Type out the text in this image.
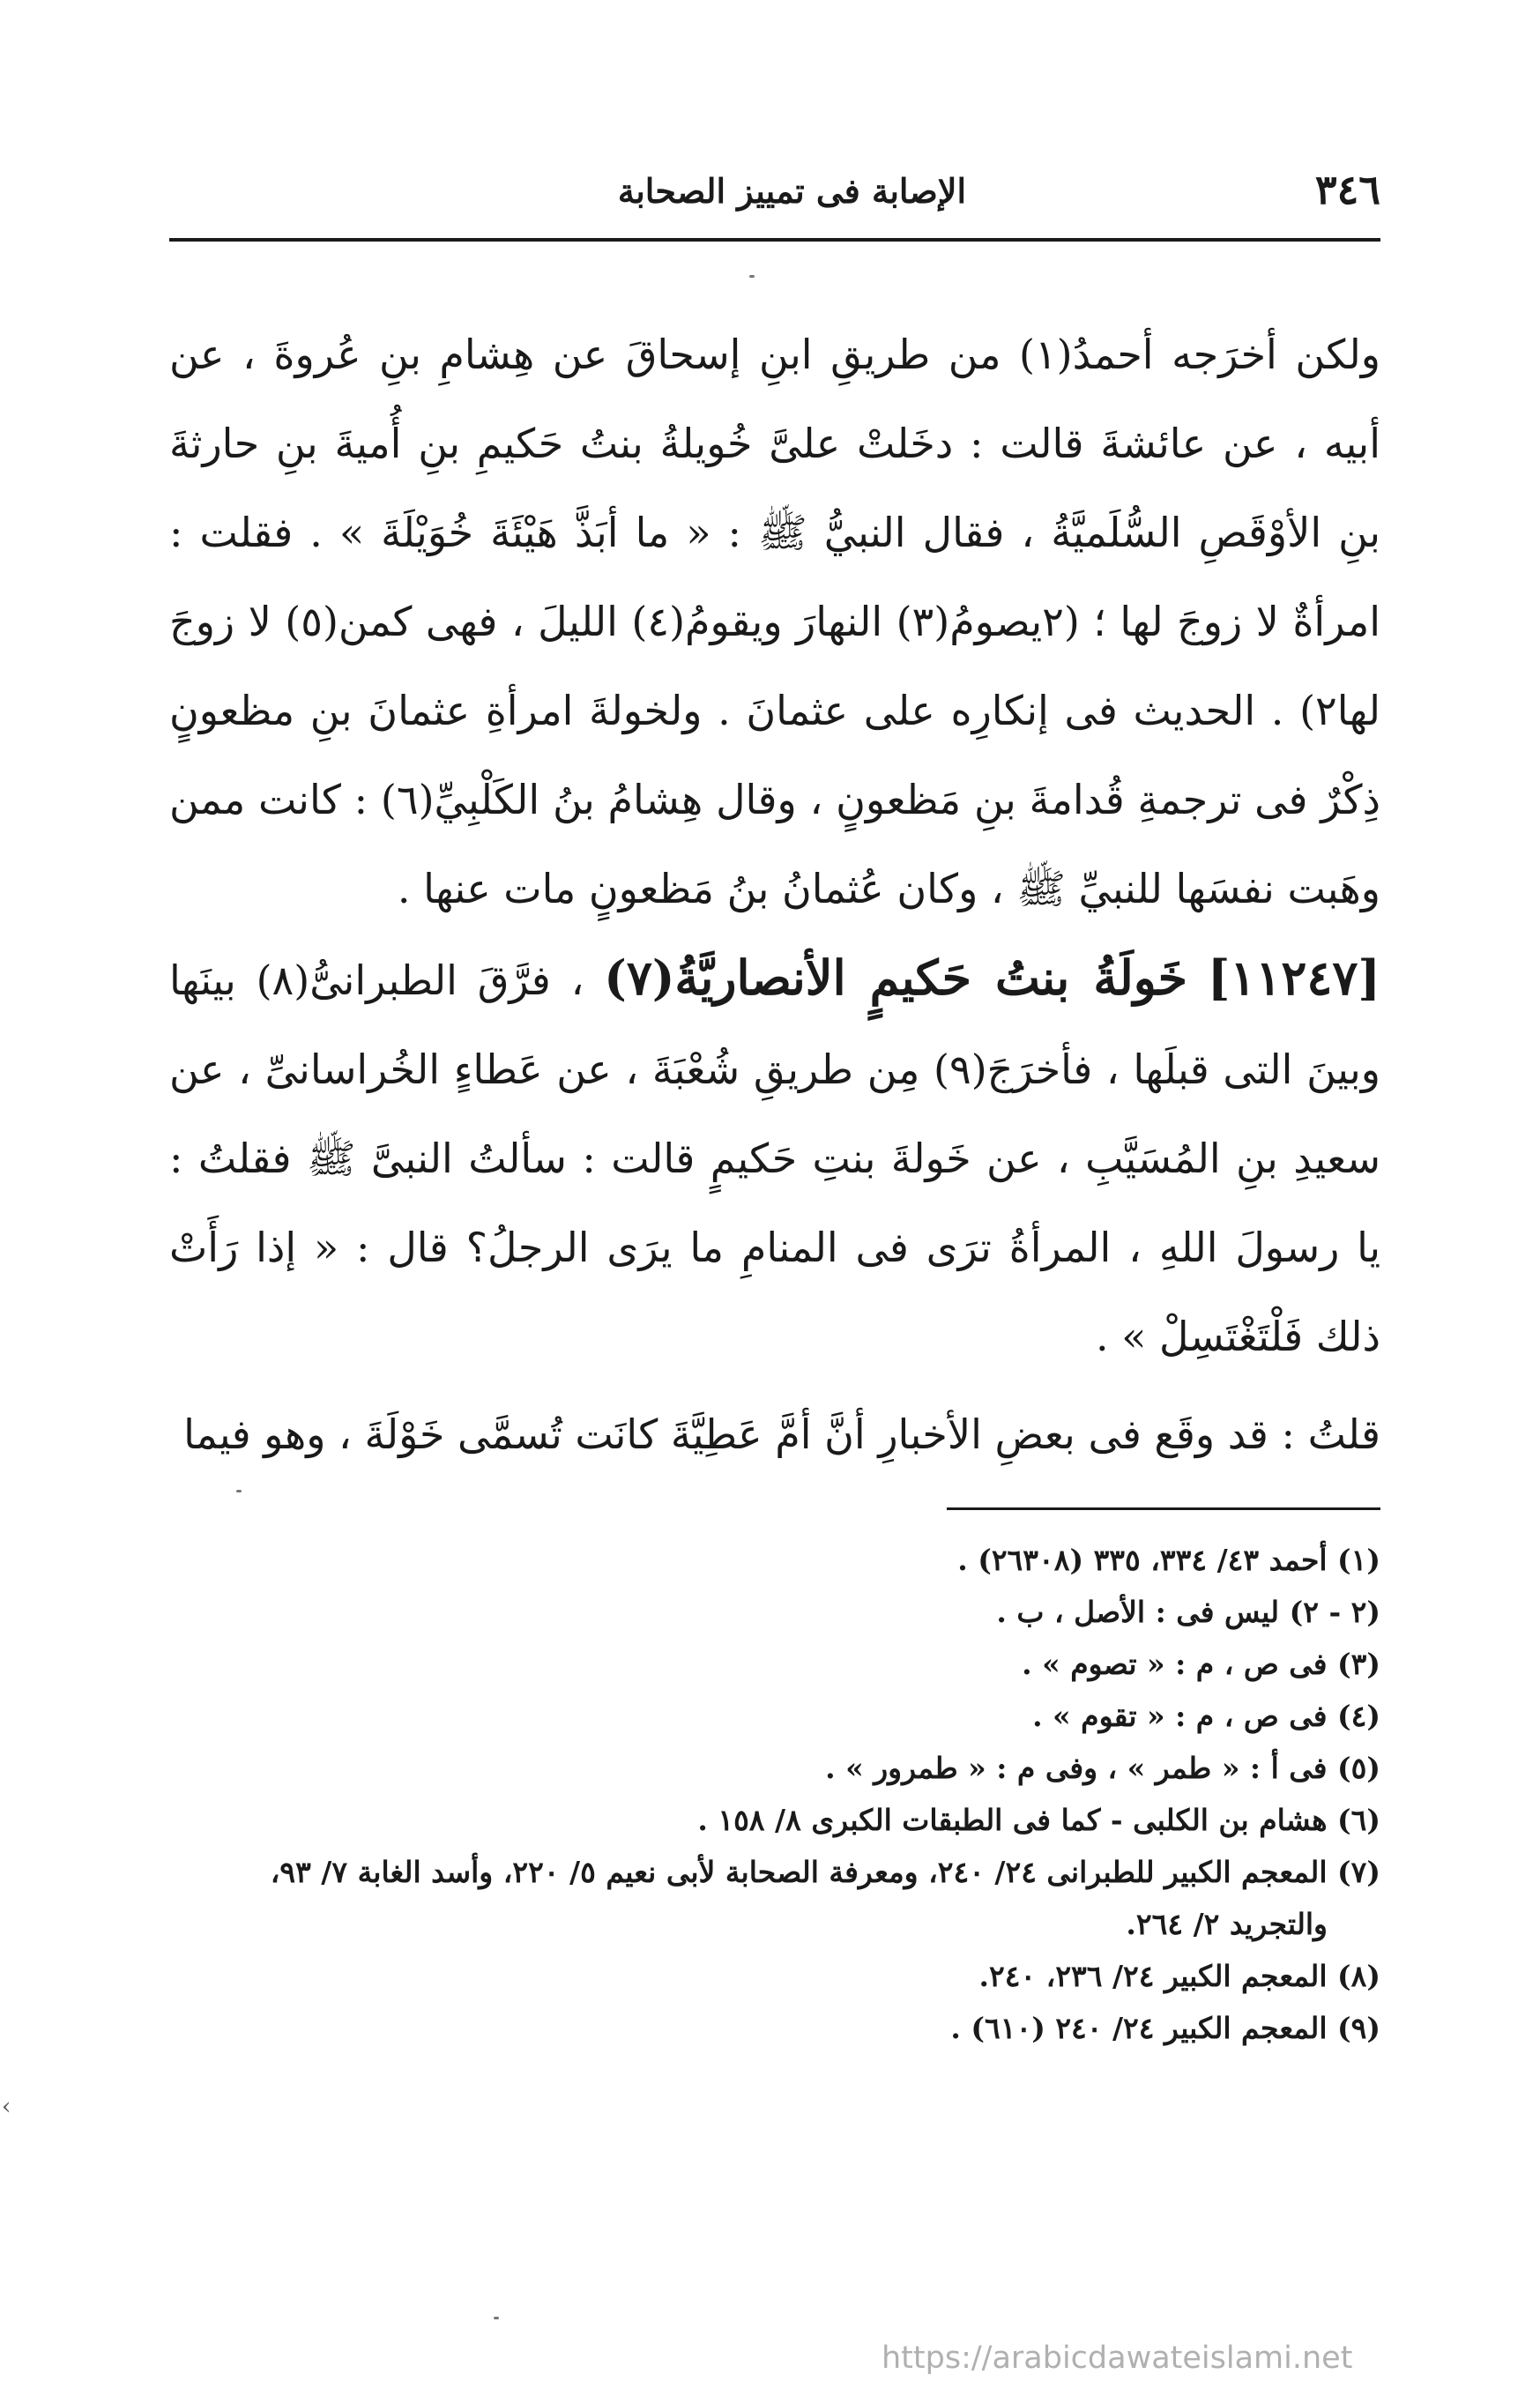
٣٤٦
الإصابة فى تمييز الصحابة

ولكن أخرَجه أحمدُ(١) من طريقِ ابنِ إسحاقَ عن هِشامِ بنِ عُروةَ ، عن أبيه ، عن عائشةَ قالت : دخَلتْ علىَّ خُويلةُ بنتُ حَكيمِ بنِ أُميةَ بنِ حارثةَ بنِ الأوْقَصِ السُّلَميَّةُ ، فقال النبيُّ ﷺ : « ما أبَذَّ هَيْئَةَ خُوَيْلَةَ » . فقلت : امرأةٌ لا زوجَ لها ؛ (٢يصومُ(٣) النهارَ ويقومُ(٤) الليلَ ، فهى كمن(٥) لا زوجَ لها٢) . الحديث فى إنكارِه على عثمانَ . ولخولةَ امرأةِ عثمانَ بنِ مظعونٍ ذِكْرٌ فى ترجمةِ قُدامةَ بنِ مَظعونٍ ، وقال هِشامُ بنُ الكَلْبِيِّ(٦) : كانت ممن وهَبت نفسَها للنبيِّ ﷺ ، وكان عُثمانُ بنُ مَظعونٍ مات عنها .

[١١٢٤٧] خَولَةُ بنتُ حَكيمٍ الأنصاريَّةُ(٧) ، فرَّقَ الطبرانىُّ(٨) بينَها وبينَ التى قبلَها ، فأخرَجَ(٩) مِن طريقِ شُعْبَةَ ، عن عَطاءٍ الخُراسانىِّ ، عن سعيدِ بنِ المُسَيَّبِ ، عن خَولةَ بنتِ حَكيمٍ قالت : سألتُ النبىَّ ﷺ فقلتُ : يا رسولَ اللهِ ، المرأةُ ترَى فى المنامِ ما يرَى الرجلُ؟ قال : « إذا رَأَتْ ذلك فَلْتَغْتَسِلْ » .

قلتُ : قد وقَع فى بعضِ الأخبارِ أنَّ أمَّ عَطِيَّةَ كانَت تُسمَّى خَوْلَةَ ، وهو فيما

(١) أحمد ٤٣/ ٣٣٤، ٣٣٥ (٢٦٣٠٨) .

(٢ - ٢) ليس فى : الأصل ، ب .

(٣) فى ص ، م : « تصوم » .

(٤) فى ص ، م : « تقوم » .

(٥) فى أ : « طمر » ، وفى م : « طمرور » .

(٦) هشام بن الكلبى - كما فى الطبقات الكبرى ٨/ ١٥٨ .

(٧) المعجم الكبير للطبرانى ٢٤/ ٢٤٠، ومعرفة الصحابة لأبى نعيم ٥/ ٢٢٠، وأسد الغابة ٧/ ٩٣،

والتجريد ٢/ ٢٦٤.

(٨) المعجم الكبير ٢٤/ ٢٣٦، ٢٤٠.

(٩) المعجم الكبير ٢٤/ ٢٤٠ (٦١٠) .

https://arabicdawateislami.net
‹
